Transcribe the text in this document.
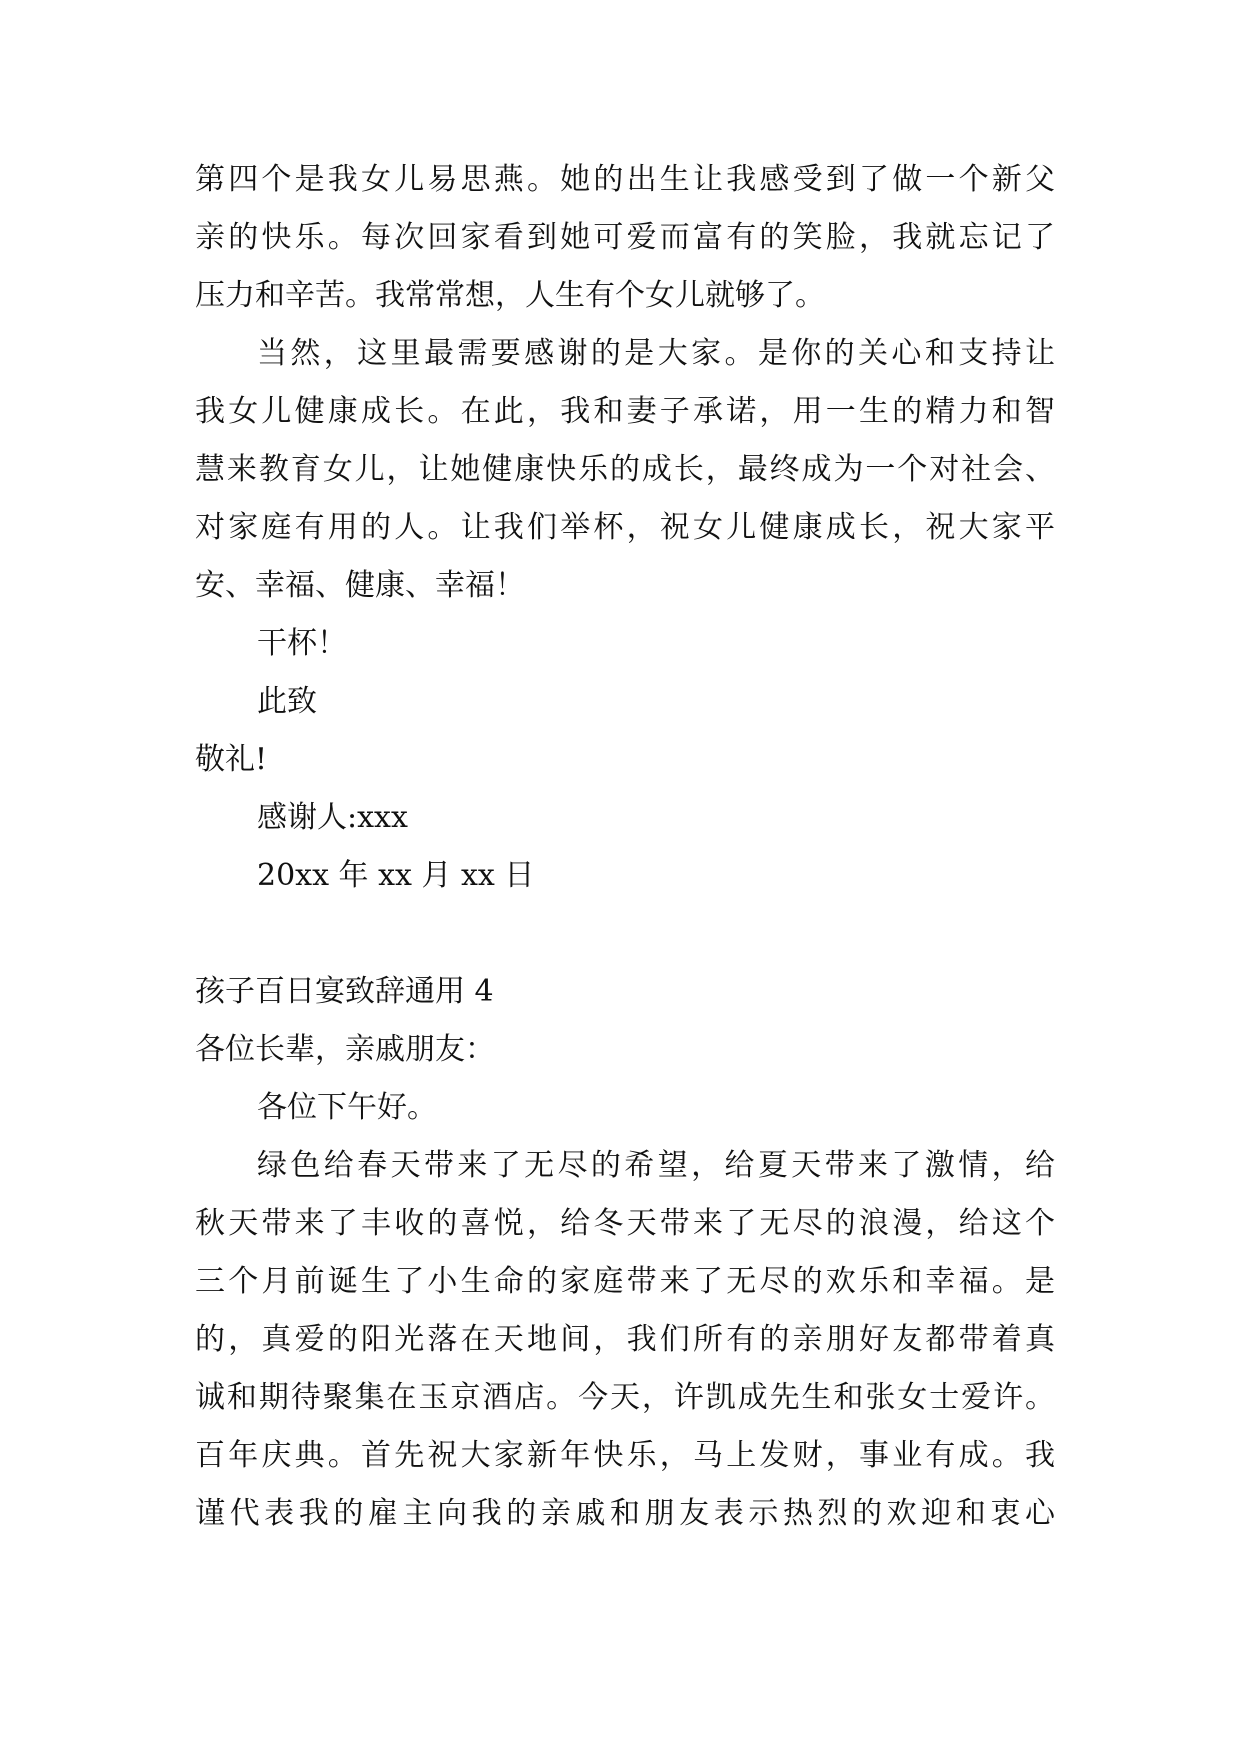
第四个是我女儿易思燕。她的出生让我感受到了做一个新父
亲的快乐。每次回家看到她可爱而富有的笑脸，我就忘记了
压力和辛苦。我常常想，人生有个女儿就够了。
当然，这里最需要感谢的是大家。是你的关心和支持让
我女儿健康成长。在此，我和妻子承诺，用一生的精力和智
慧来教育女儿，让她健康快乐的成长，最终成为一个对社会、
对家庭有用的人。让我们举杯，祝女儿健康成长，祝大家平
安、幸福、健康、幸福！
干杯！
此致
敬礼!
感谢人:xxx
20xx 年 xx 月 xx 日
孩子百日宴致辞通用 4
各位长辈，亲戚朋友：
各位下午好。
绿色给春天带来了无尽的希望，给夏天带来了激情，给
秋天带来了丰收的喜悦，给冬天带来了无尽的浪漫，给这个
三个月前诞生了小生命的家庭带来了无尽的欢乐和幸福。是
的，真爱的阳光落在天地间，我们所有的亲朋好友都带着真
诚和期待聚集在玉京酒店。今天，许凯成先生和张女士爱许。
百年庆典。首先祝大家新年快乐，马上发财，事业有成。我
谨代表我的雇主向我的亲戚和朋友表示热烈的欢迎和衷心
